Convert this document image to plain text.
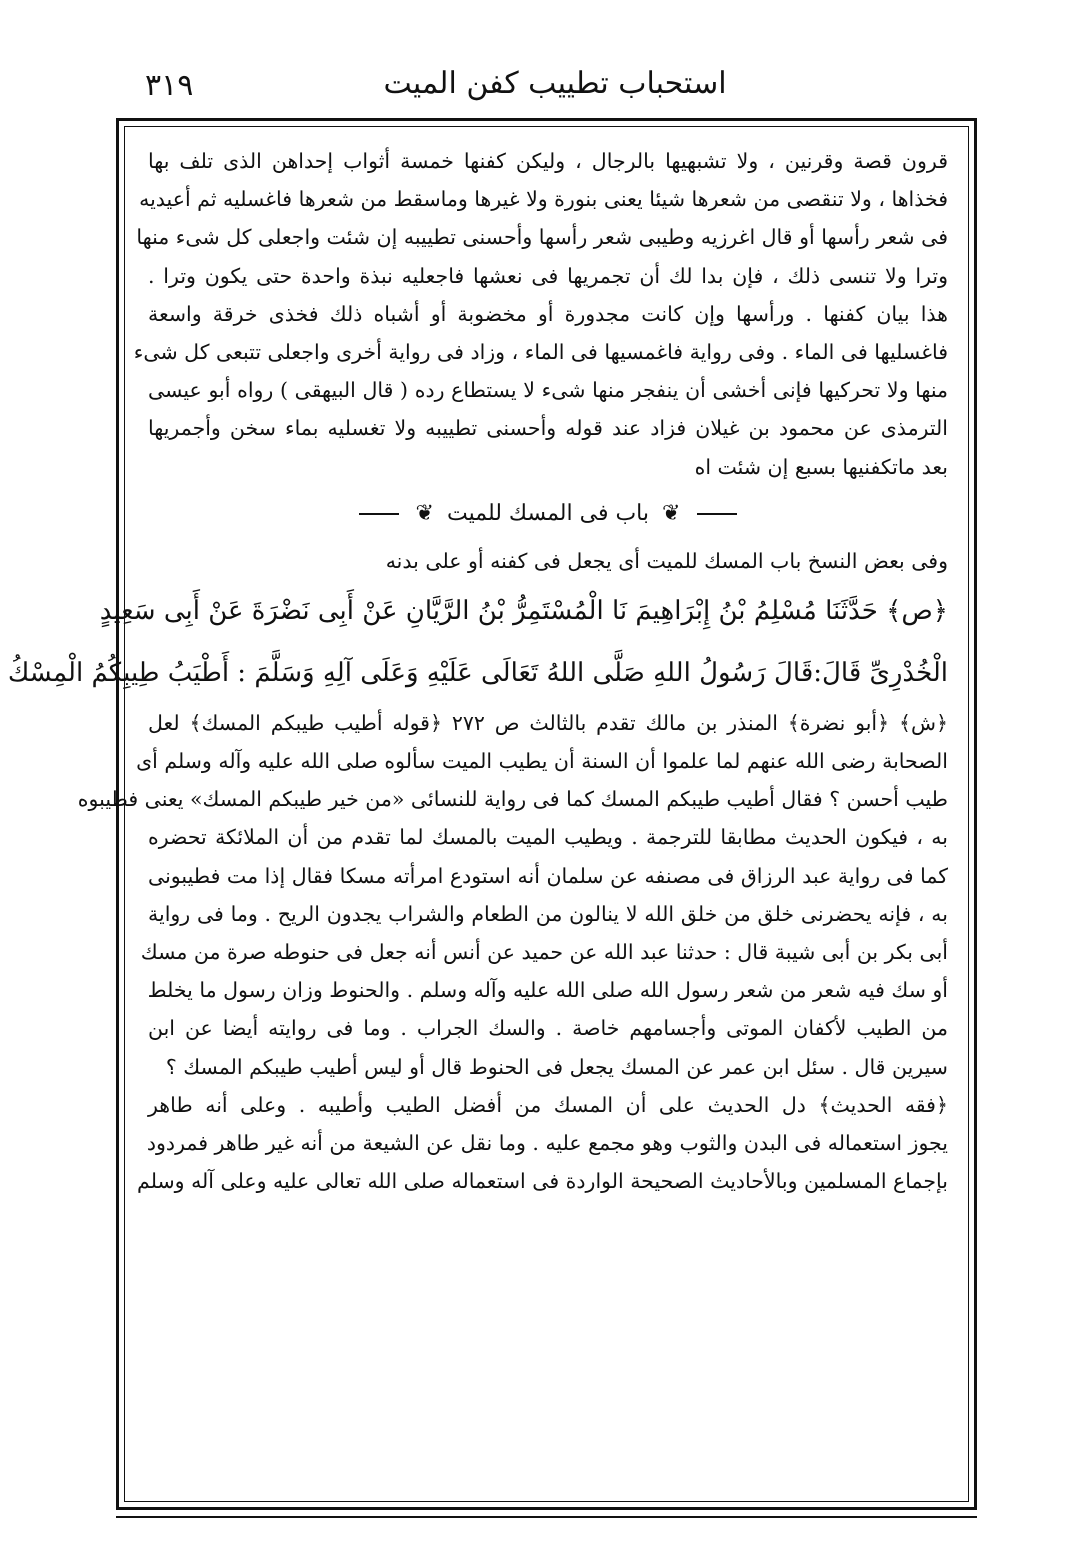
٣١٩	استحباب تطييب كفن الميت
قرون قصة وقرنين ، ولا تشبهيها بالرجال ، وليكن كفنها خمسة أثواب إحداهن الذى تلف بها
فخذاها ، ولا تنقصى من شعرها شيئا يعنى بنورة ولا غيرها وماسقط من شعرها فاغسليه ثم أعيديه
فى شعر رأسها أو قال اغرزيه وطيبى شعر رأسها وأحسنى تطييبه إن شئت واجعلى كل شىء منها
وترا ولا تنسى ذلك ، فإن بدا لك أن تجمريها فى نعشها فاجعليه نبذة واحدة حتى يكون وترا .
هذا بيان كفنها . ورأسها وإن كانت مجدورة أو مخضوبة أو أشباه ذلك فخذى خرقة واسعة
فاغسليها فى الماء . وفى رواية فاغمسيها فى الماء ، وزاد فى رواية أخرى واجعلى تتبعى كل شىء
منها ولا تحركيها فإنى أخشى أن ينفجر منها شىء لا يستطاع رده ( قال البيهقى ) رواه أبو عيسى
الترمذى عن محمود بن غيلان فزاد عند قوله وأحسنى تطييبه ولا تغسليه بماء سخن وأجمريها
بعد ماتكفنيها بسبع إن شئت اه
❦ باب فى المسك للميت ❦
وفى بعض النسخ باب المسك للميت أى يجعل فى كفنه أو على بدنه
﴿ص﴾ حَدَّثَنَا مُسْلِمُ بْنُ إِبْرَاهِيمَ نَا الْمُسْتَمِرُّ بْنُ الرَّيَّانِ عَنْ أَبِى نَضْرَةَ عَنْ أَبِى سَعِيدٍ
الْخُدْرِىِّ قَالَ:قَالَ رَسُولُ اللهِ صَلَّى اللهُ تَعَالَى عَلَيْهِ وَعَلَى آلِهِ وَسَلَّمَ : أَطْيَبُ طِيبِكُمُ الْمِسْكُ
﴿ش﴾ ﴿أبو نضرة﴾ المنذر بن مالك تقدم بالثالث ص ٢٧٢ ﴿قوله أطيب طيبكم المسك﴾ لعل
الصحابة رضى الله عنهم لما علموا أن السنة أن يطيب الميت سألوه صلى الله عليه وآله وسلم أى
طيب أحسن ؟ فقال أطيب طيبكم المسك كما فى رواية للنسائى «من خير طيبكم المسك» يعنى فطيبوه
به ، فيكون الحديث مطابقا للترجمة . ويطيب الميت بالمسك لما تقدم من أن الملائكة تحضره
كما فى رواية عبد الرزاق فى مصنفه عن سلمان أنه استودع امرأته مسكا فقال إذا مت فطيبونى
به ، فإنه يحضرنى خلق من خلق الله لا ينالون من الطعام والشراب يجدون الريح . وما فى رواية
أبى بكر بن أبى شيبة قال : حدثنا عبد الله عن حميد عن أنس أنه جعل فى حنوطه صرة من مسك
أو سك فيه شعر من شعر رسول الله صلى الله عليه وآله وسلم . والحنوط وزان رسول ما يخلط
من الطيب لأكفان الموتى وأجسامهم خاصة . والسك الجراب . وما فى روايته أيضا عن ابن
سيرين قال . سئل ابن عمر عن المسك يجعل فى الحنوط قال أو ليس أطيب طيبكم المسك ؟
﴿فقه الحديث﴾ دل الحديث على أن المسك من أفضل الطيب وأطيبه . وعلى أنه طاهر
يجوز استعماله فى البدن والثوب وهو مجمع عليه . وما نقل عن الشيعة من أنه غير طاهر فمردود
بإجماع المسلمين وبالأحاديث الصحيحة الواردة فى استعماله صلى الله تعالى عليه وعلى آله وسلم
